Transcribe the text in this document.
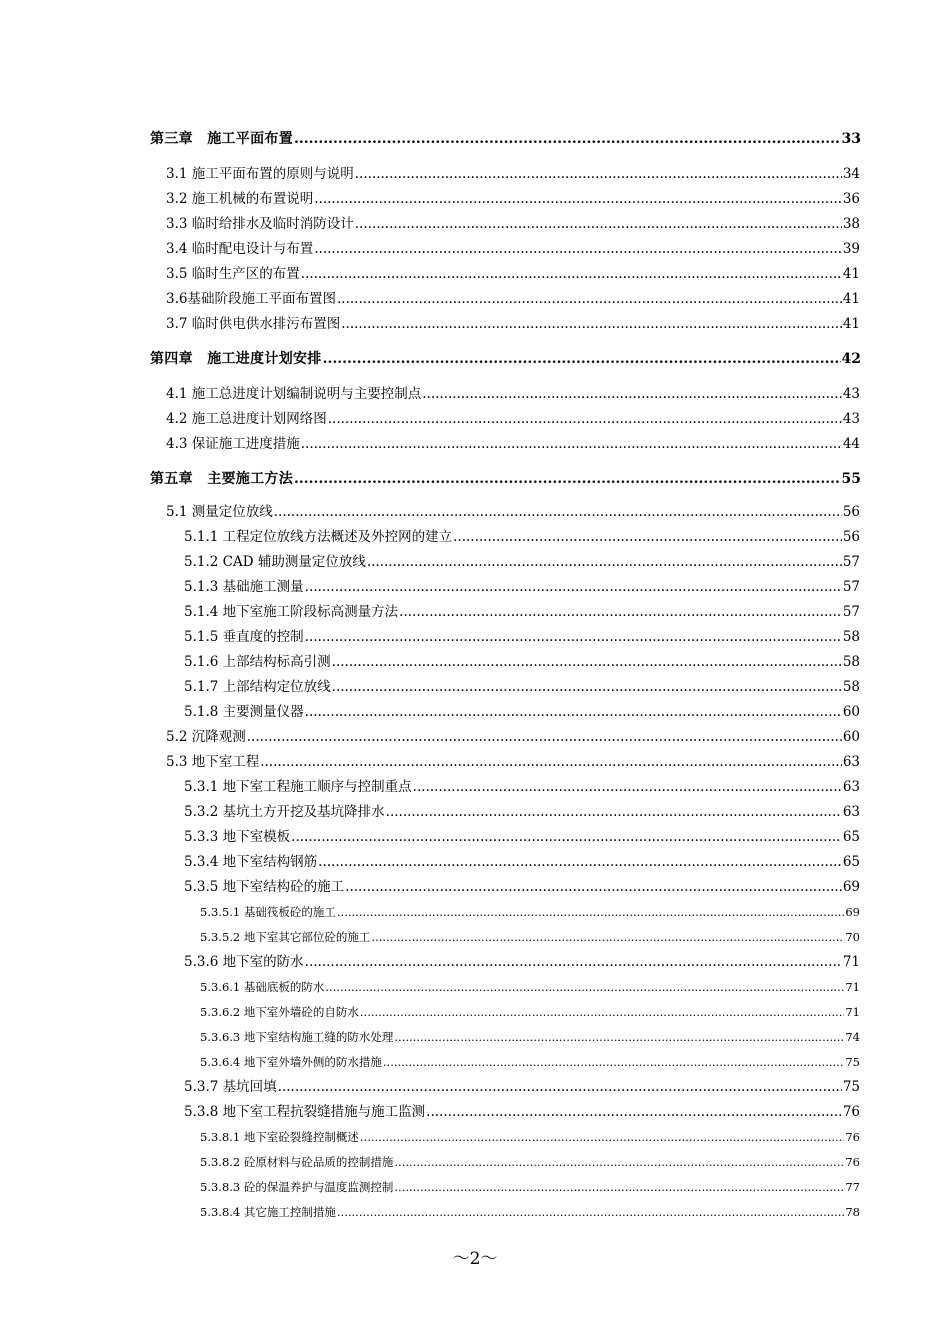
第三章　施工平面布置 .....	33
3.1 施工平面布置的原则与说明 .....	34
3.2 施工机械的布置说明 .....	36
3.3 临时给排水及临时消防设计 .....	38
3.4 临时配电设计与布置 .....	39
3.5 临时生产区的布置 .....	41
3.6基础阶段施工平面布置图 .....	41
3.7 临时供电供水排污布置图 .....	41
第四章　施工进度计划安排 .....	42
4.1 施工总进度计划编制说明与主要控制点 .....	43
4.2 施工总进度计划网络图 .....	43
4.3 保证施工进度措施 .....	44
第五章　主要施工方法 .....	55
5.1 测量定位放线 .....	56
5.1.1 工程定位放线方法概述及外控网的建立 .....	56
5.1.2 CAD 辅助测量定位放线 .....	57
5.1.3 基础施工测量 .....	57
5.1.4 地下室施工阶段标高测量方法 .....	57
5.1.5 垂直度的控制 .....	58
5.1.6 上部结构标高引测 .....	58
5.1.7 上部结构定位放线 .....	58
5.1.8 主要测量仪器 .....	60
5.2 沉降观测 .....	60
5.3 地下室工程 .....	63
5.3.1 地下室工程施工顺序与控制重点 .....	63
5.3.2 基坑土方开挖及基坑降排水 .....	63
5.3.3 地下室模板 .....	65
5.3.4 地下室结构钢筋 .....	65
5.3.5 地下室结构砼的施工 .....	69
5.3.5.1 基础筏板砼的施工 .....	69
5.3.5.2 地下室其它部位砼的施工 .....	70
5.3.6 地下室的防水 .....	71
5.3.6.1 基础底板的防水 .....	71
5.3.6.2 地下室外墙砼的自防水 .....	71
5.3.6.3 地下室结构施工缝的防水处理 .....	74
5.3.6.4 地下室外墙外侧的防水措施 .....	75
5.3.7 基坑回填 .....	75
5.3.8 地下室工程抗裂缝措施与施工监测 .....	76
5.3.8.1 地下室砼裂缝控制概述 .....	76
5.3.8.2 砼原材料与砼品质的控制措施 .....	76
5.3.8.3 砼的保温养护与温度监测控制 .....	77
5.3.8.4 其它施工控制措施 .....	78
～2～
